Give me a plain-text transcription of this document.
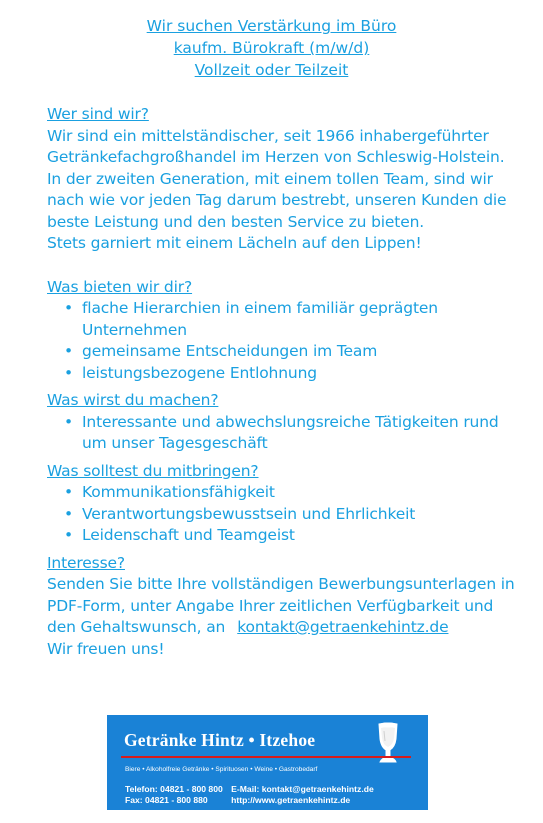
Wir suchen Verstärkung im Büro
kaufm. Bürokraft (m/w/d)
Vollzeit oder Teilzeit
Wer sind wir?

Wir sind ein mittelständischer, seit 1966 inhabergeführter Getränkefachgroßhandel im Herzen von Schleswig-Holstein.

In der zweiten Generation, mit einem tollen Team, sind wir nach wie vor jeden Tag darum bestrebt, unseren Kunden die beste Leistung und den besten Service zu bieten.

Stets garniert mit einem Lächeln auf den Lippen!

Was bieten wir dir?
• flache Hierarchien in einem familiär geprägten Unternehmen
• gemeinsame Entscheidungen im Team
• leistungsbezogene Entlohnung
Was wirst du machen?
• Interessante und abwechslungsreiche Tätigkeiten rund um unser Tagesgeschäft
Was solltest du mitbringen?
• Kommunikationsfähigkeit
• Verantwortungsbewusstsein und Ehrlichkeit
• Leidenschaft und Teamgeist
Interesse?

Senden Sie bitte Ihre vollständigen Bewerbungsunterlagen in PDF-Form, unter Angabe Ihrer zeitlichen Verfügbarkeit und den Gehaltswunsch, an kontakt@getraenkehintz.de

Wir freuen uns!

Getränke Hintz • Itzehoe
Biere • Alkoholfreie Getränke • Spirituosen • Weine • Gastrobedarf
Telefon: 04821 - 800 800
Fax: 04821 - 800 880

E-Mail: kontakt@getraenkehintz.de
http://www.getraenkehintz.de
